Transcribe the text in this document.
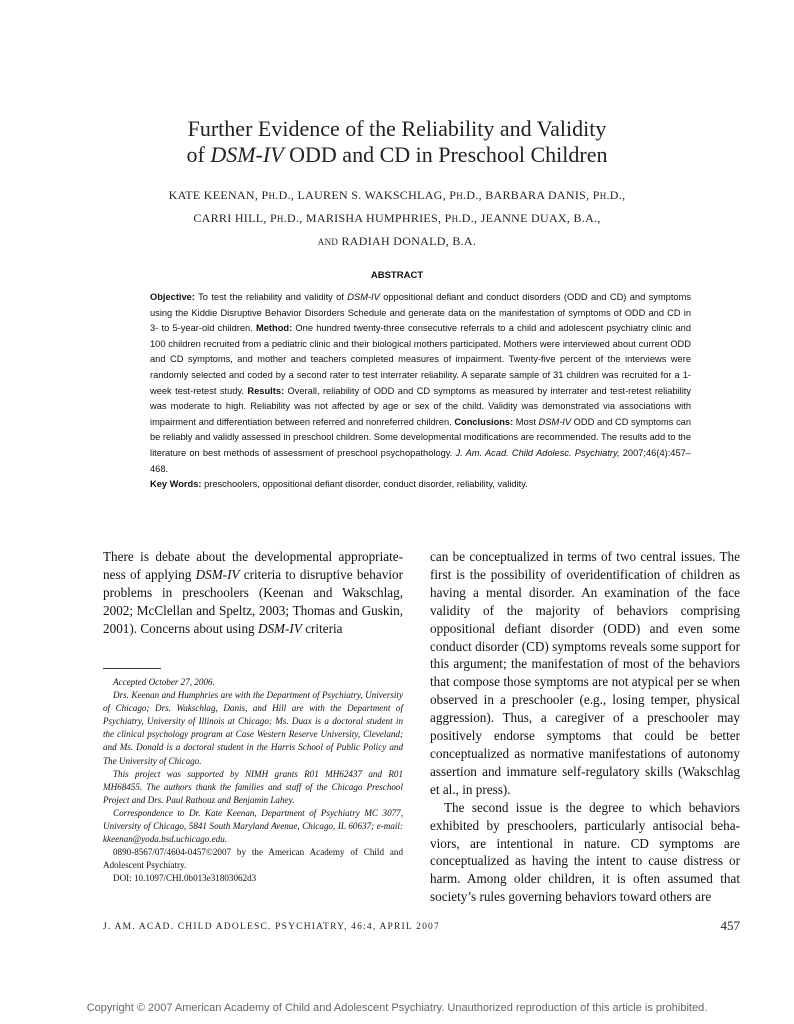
Further Evidence of the Reliability and Validity
of DSM-IV ODD and CD in Preschool Children
KATE KEENAN, PH.D., LAUREN S. WAKSCHLAG, PH.D., BARBARA DANIS, PH.D.,
CARRI HILL, PH.D., MARISHA HUMPHRIES, PH.D., JEANNE DUAX, B.A.,
AND RADIAH DONALD, B.A.
ABSTRACT
Objective: To test the reliability and validity of DSM-IV oppositional defiant and conduct disorders (ODD and CD) and symptoms using the Kiddie Disruptive Behavior Disorders Schedule and generate data on the manifestation of symptoms of ODD and CD in 3- to 5-year-old children. Method: One hundred twenty-three consecutive referrals to a child and adolescent psychiatry clinic and 100 children recruited from a pediatric clinic and their biological mothers participated. Mothers were interviewed about current ODD and CD symptoms, and mother and teachers completed measures of impairment. Twenty-five percent of the interviews were randomly selected and coded by a second rater to test interrater reliability. A separate sample of 31 children was recruited for a 1-week test-retest study. Results: Overall, reliability of ODD and CD symptoms as measured by interrater and test-retest reliability was moderate to high. Reliability was not affected by age or sex of the child. Validity was demonstrated via associations with impairment and differentiation between referred and nonreferred children. Conclusions: Most DSM-IV ODD and CD symptoms can be reliably and validly assessed in preschool children. Some developmental modifications are recommended. The results add to the literature on best methods of assessment of preschool psychopathology. J. Am. Acad. Child Adolesc. Psychiatry, 2007;46(4):457–468.
Key Words: preschoolers, oppositional defiant disorder, conduct disorder, reliability, validity.

There is debate about the developmental appropriate-ness of applying DSM-IV criteria to disruptive behavior problems in preschoolers (Keenan and Wakschlag, 2002; McClellan and Speltz, 2003; Thomas and Guskin, 2001). Concerns about using DSM-IV criteria

Accepted October 27, 2006.

Drs. Keenan and Humphries are with the Department of Psychiatry, University of Chicago; Drs. Wakschlag, Danis, and Hill are with the Department of Psychiatry, University of Illinois at Chicago; Ms. Duax is a doctoral student in the clinical psychology program at Case Western Reserve University, Cleveland; and Ms. Donald is a doctoral student in the Harris School of Public Policy and The University of Chicago.

This project was supported by NIMH grants R01 MH62437 and R01 MH68455. The authors thank the families and staff of the Chicago Preschool Project and Drs. Paul Rathouz and Benjamin Lahey.

Correspondence to Dr. Kate Keenan, Department of Psychiatry MC 3077, University of Chicago, 5841 South Maryland Avenue, Chicago, IL 60637; e-mail: kkeenan@yoda.bsd.uchicago.edu.

0890-8567/07/4604-0457©2007 by the American Academy of Child and Adolescent Psychiatry.

DOI: 10.1097/CHI.0b013e31803062d3

can be conceptualized in terms of two central issues. The first is the possibility of overidentification of children as having a mental disorder. An examination of the face validity of the majority of behaviors comprising oppositional defiant disorder (ODD) and even some conduct disorder (CD) symptoms reveals some support for this argument; the manifestation of most of the behaviors that compose those symptoms are not atypical per se when observed in a preschooler (e.g., losing temper, physical aggression). Thus, a caregiver of a preschooler may positively endorse symptoms that could be better conceptualized as normative manifestations of autonomy assertion and immature self-regulatory skills (Wakschlag et al., in press).

The second issue is the degree to which behaviors exhibited by preschoolers, particularly antisocial beha-viors, are intentional in nature. CD symptoms are conceptualized as having the intent to cause distress or harm. Among older children, it is often assumed that society’s rules governing behaviors toward others are

J. AM. ACAD. CHILD ADOLESC. PSYCHIATRY, 46:4, APRIL 2007	457
Copyright © 2007 American Academy of Child and Adolescent Psychiatry. Unauthorized reproduction of this article is prohibited.
